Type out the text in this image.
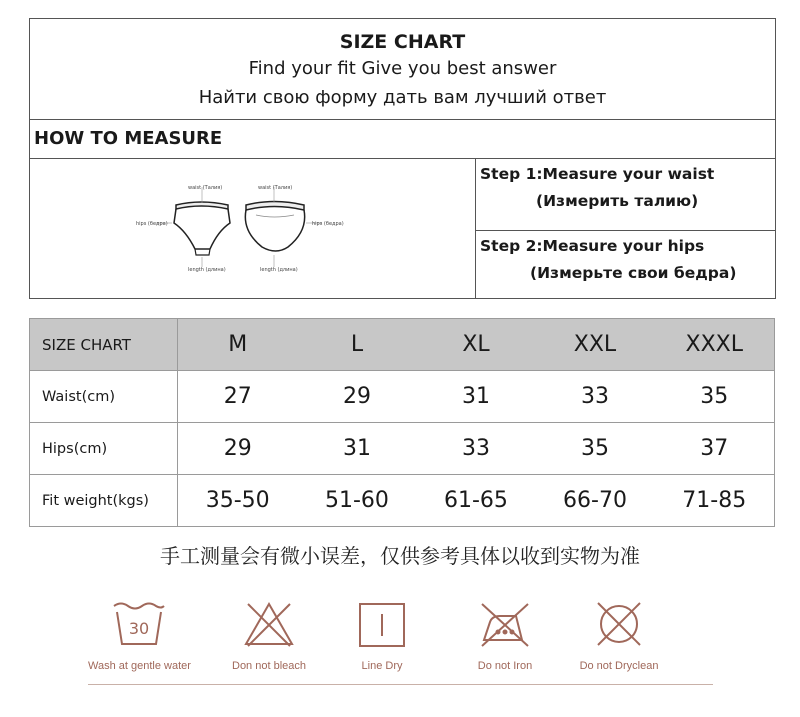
SIZE CHART
Find your fit Give you best answer
Найти свою форму дать вам лучший ответ
HOW TO MEASURE
waist (Талия)
hips (бедра)
length (длина)
waist (Талия)
hips (бедра)
length (длина)
Step 1:Measure your waist
(Измерить талию)
Step 2:Measure your hips
(Измерьте свои бедра)
SIZE CHART	M	L	XL	XXL	XXXL
Waist(cm)	27	29	31	33	35
Hips(cm)	29	31	33	35	37
Fit weight(kgs)	35-50	51-60	61-65	66-70	71-85
手工测量会有微小误差，仅供参考具体以收到实物为准
30
Wash at gentle water	Don not bleach	Line Dry	Do not Iron	Do not Dryclean
